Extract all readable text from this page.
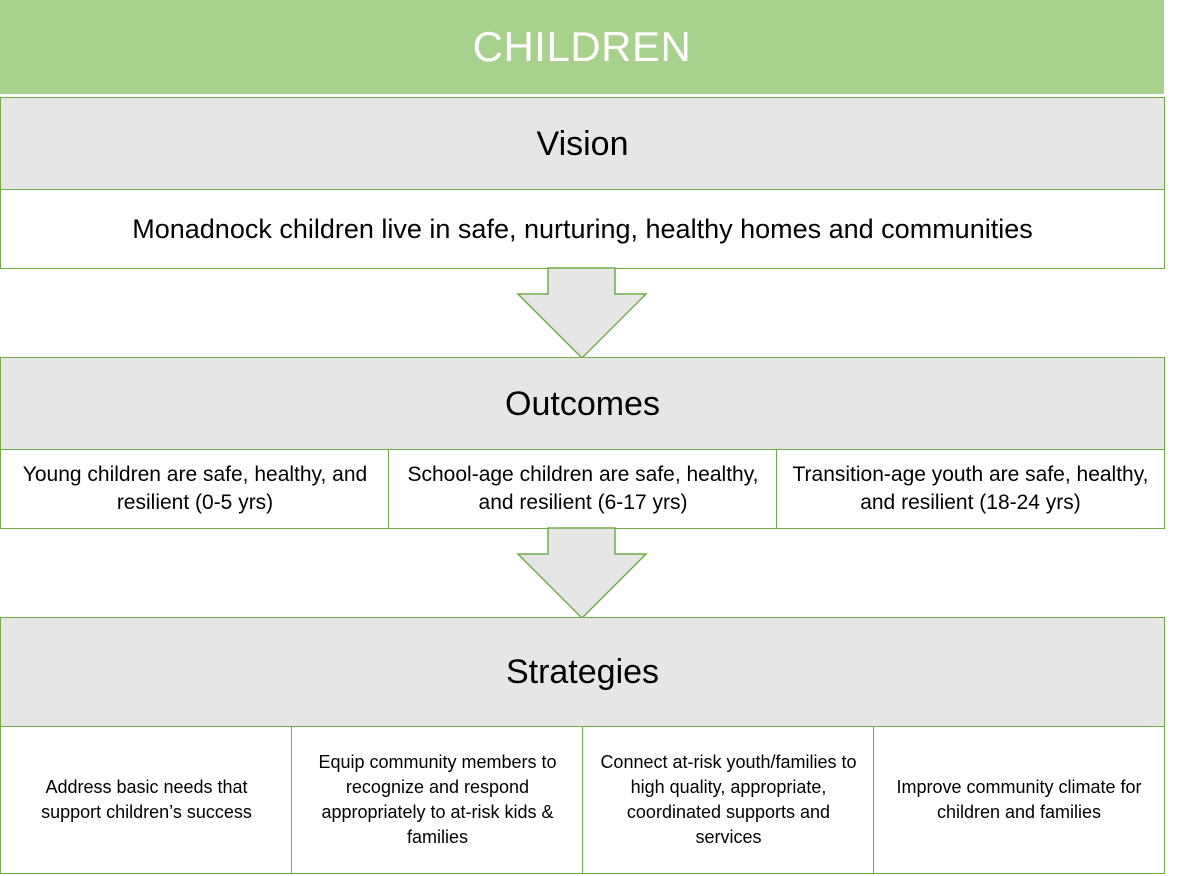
CHILDREN
Vision
Monadnock children live in safe, nurturing, healthy homes and communities
Outcomes
Young children are safe, healthy, and resilient (0-5 yrs)
School-age children are safe, healthy, and resilient (6-17 yrs)
Transition-age youth are safe, healthy, and resilient (18-24 yrs)
Strategies
Address basic needs that support children’s success
Equip community members to recognize and respond appropriately to at-risk kids & families
Connect at-risk youth/families to high quality, appropriate, coordinated supports and services
Improve community climate for children and families
